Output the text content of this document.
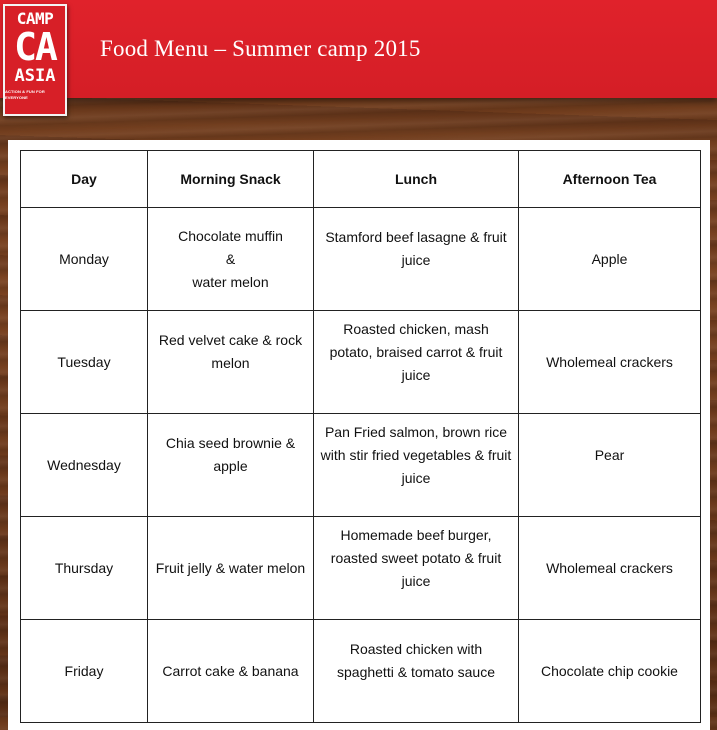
Food Menu – Summer camp 2015
CAMP
CA
ASIA
ACTION & FUN FOR EVERYONE
Day	Morning Snack	Lunch	Afternoon Tea
Monday	Chocolate muffin
&
water melon	Stamford beef lasagne & fruit juice	Apple
Tuesday	Red velvet cake & rock melon	Roasted chicken, mash potato, braised carrot & fruit juice	Wholemeal crackers
Wednesday	Chia seed brownie & apple	Pan Fried salmon, brown rice with stir fried vegetables & fruit juice	Pear

Thursday	Fruit jelly & water melon	Homemade beef burger, roasted sweet potato & fruit juice	Wholemeal crackers
Friday	Carrot cake & banana	Roasted chicken with spaghetti & tomato sauce	Chocolate chip cookie
